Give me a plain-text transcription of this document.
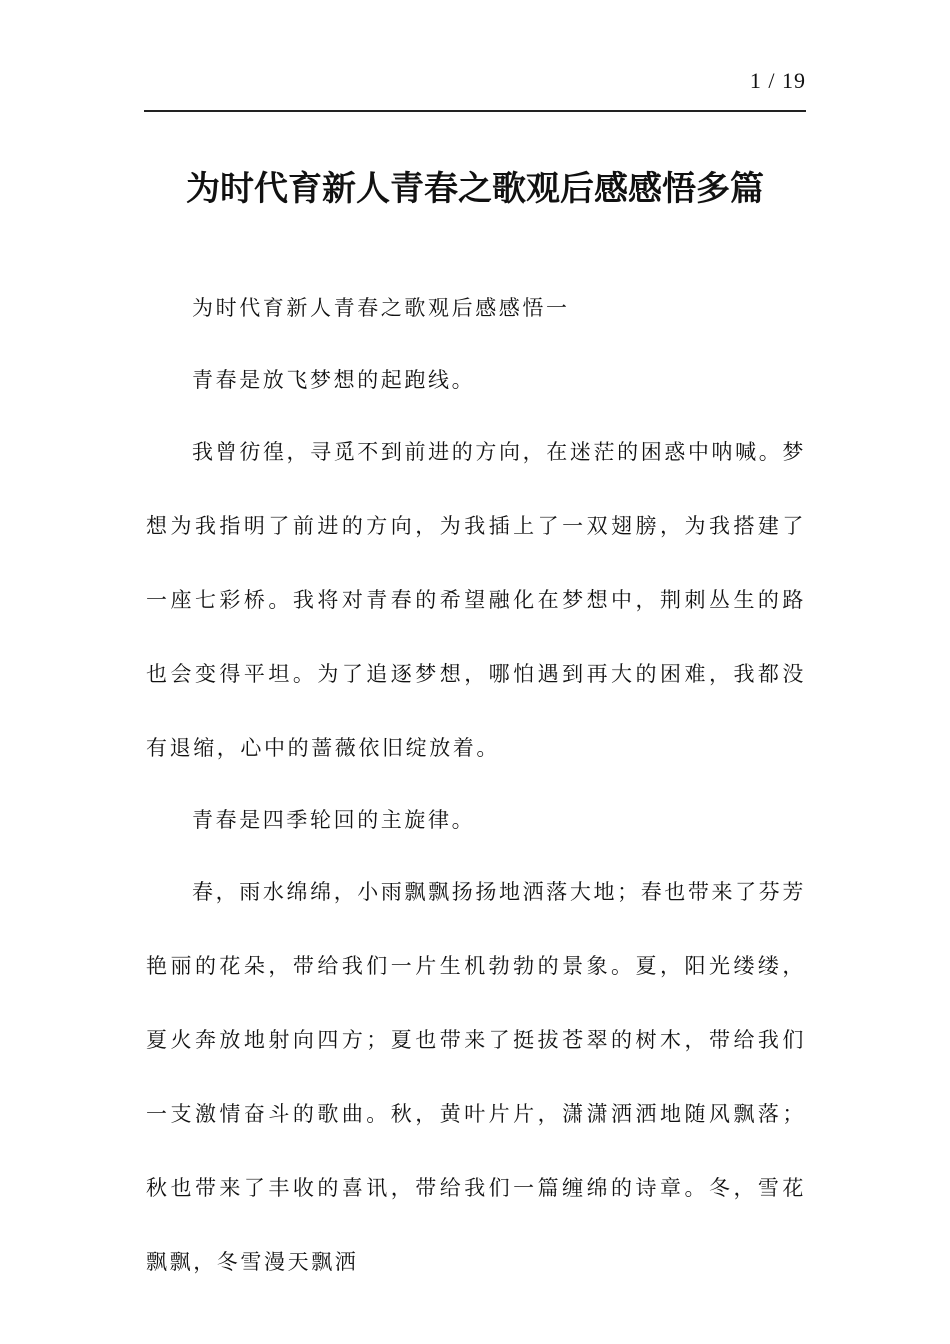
1 / 19
为时代育新人青春之歌观后感感悟多篇

为时代育新人青春之歌观后感感悟一

青春是放飞梦想的起跑线。

我曾彷徨，寻觅不到前进的方向，在迷茫的困惑中呐喊。梦想为我指明了前进的方向，为我插上了一双翅膀，为我搭建了一座七彩桥。我将对青春的希望融化在梦想中，荆刺丛生的路也会变得平坦。为了追逐梦想，哪怕遇到再大的困难，我都没有退缩，心中的蔷薇依旧绽放着。

青春是四季轮回的主旋律。

春，雨水绵绵，小雨飘飘扬扬地洒落大地；春也带来了芬芳艳丽的花朵，带给我们一片生机勃勃的景象。夏，阳光缕缕，夏火奔放地射向四方；夏也带来了挺拔苍翠的树木，带给我们一支激情奋斗的歌曲。秋，黄叶片片，潇潇洒洒地随风飘落；秋也带来了丰收的喜讯，带给我们一篇缠绵的诗章。冬，雪花飘飘，冬雪漫天飘洒
